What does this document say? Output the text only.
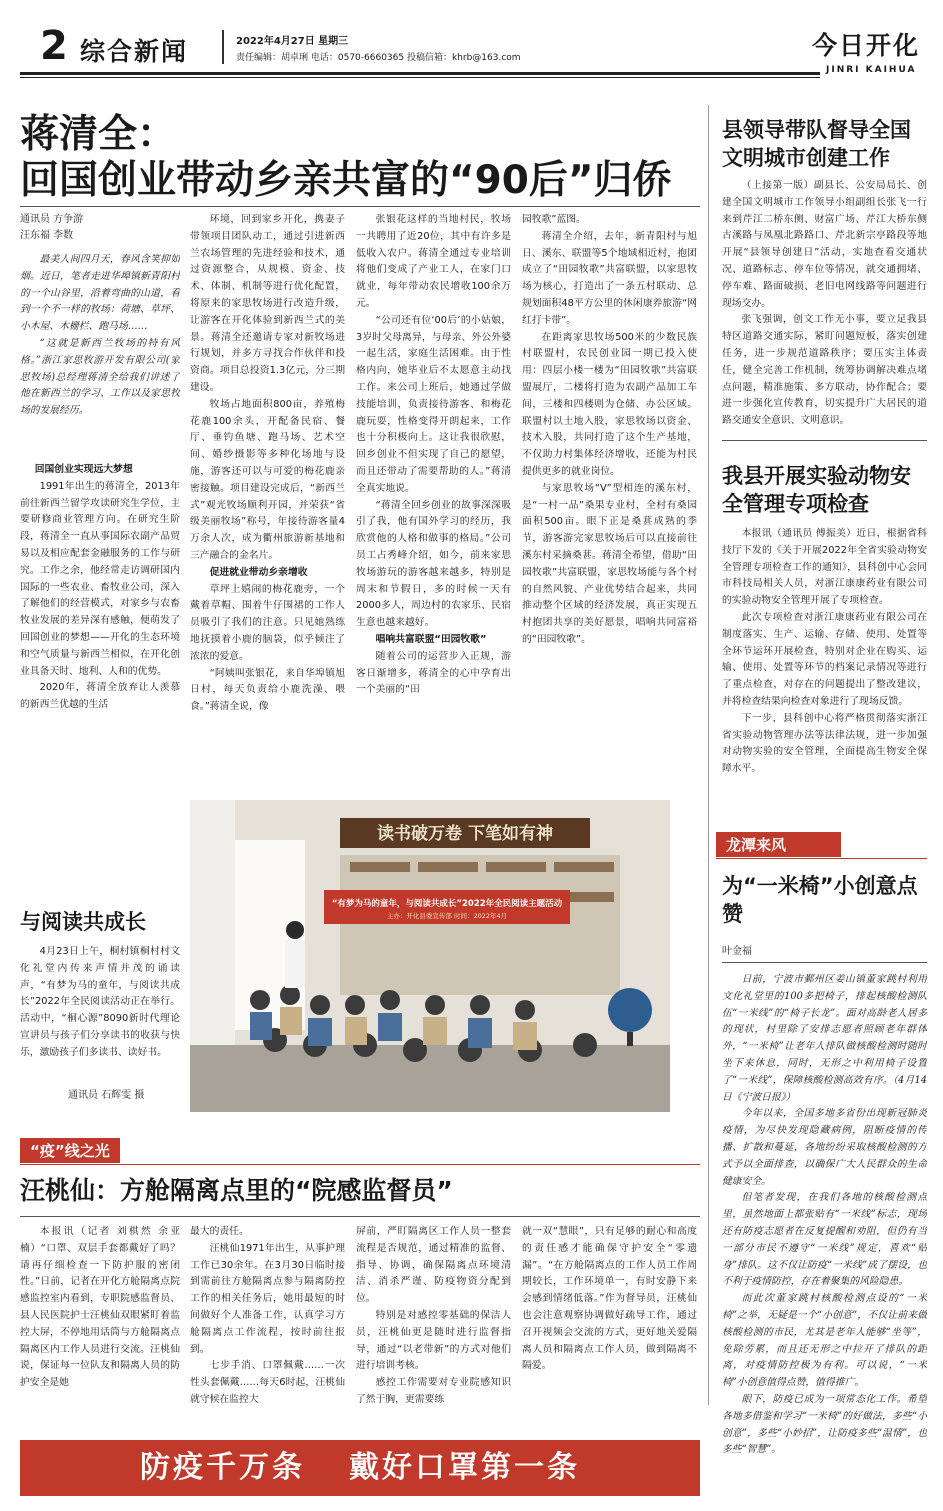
2 综合新闻	2022年4月27日 星期三
责任编辑：胡卓琍 电话：0570-6660365 投稿信箱：khrb@163.com	今日开化
JINRI KAIHUA
蒋清全：
回国创业带动乡亲共富的“90后”归侨
通讯员 方争游
汪东福 李数

最美人间四月天，春风含笑抑如烟。近日，笔者走进华埠镇新青阳村的一个山谷里，沿着弯曲的山道，看到一个不一样的牧场：荷塘、草坪、小木屋、木栅栏、跑马场……

“这就是新西兰牧场的特有风格。”浙江家思牧游开发有限公司(家思牧场)总经理蒋清全给我们讲述了他在新西兰的学习、工作以及家思牧场的发展经历。

回国创业实现远大梦想

1991年出生的蒋清全，2013年前往新西兰留学攻读研究生学位，主要研修商业管理方向。在研究生阶段，蒋清全一直从事国际农副产品贸易以及相应配套金融服务的工作与研究。工作之余，他经常走访调研国内国际的一些农业、畜牧业公司，深入了解他们的经营模式，对家乡与农畜牧业发展的差异深有感触，便萌发了回国创业的梦想——开化的生态环境和空气质量与新西兰相似，在开化创业具备天时、地利、人和的优势。

2020年，蒋清全放弃让人羡慕的新西兰优越的生活

环境，回到家乡开化，携妻子带领项目团队动工，通过引进新西兰农场管理的先进经验和技术，通过资源整合，从规模、资金、技术、体制、机制等进行优化配置，将原来的家思牧场进行改造升级，让游客在开化体验到新西兰式的美景。蒋清全还邀请专家对新牧场进行规划，并多方寻找合作伙伴和投资商。项目总投资1.3亿元，分三期建设。

牧场占地面积800亩，养殖梅花鹿100余头，开配备民宿、餐厅、垂钓鱼塘、跑马场、艺术空间、婚纱摄影等多种化场地与设施，游客还可以与可爱的梅花鹿亲密接触。项目建设完成后，“新西兰式”观光牧场顺利开园，并荣获“省级美丽牧场”称号，年接待游客量4万余人次，成为衢州旅游新基地和三产融合的金名片。

促进就业带动乡亲增收

草坪上嬉闹的梅花鹿旁，一个戴着草帽、围着牛仔围裙的工作人员吸引了我们的注意。只见她熟练地抚摸着小鹿的脑袋，似乎倾注了浓浓的爱意。

“阿姨叫张银花，来自华埠镇旭日村，每天负责给小鹿洗澡、喂食。”蒋清全说，像

张银花这样的当地村民，牧场一共聘用了近20位，其中有许多是低收入农户。蒋清全通过专业培训将他们变成了产业工人，在家门口就业，每年带动农民增收100余万元。

“公司还有位‘00后’的小姑娘，3岁时父母离异，与母亲、外公外婆一起生活，家庭生活困难。由于性格内向，她毕业后不太愿意主动找工作。来公司上班后，她通过学做技能培训，负责接待游客、和梅花鹿玩耍，性格变得开朗起来，工作也十分积极向上。这让我很欣慰，回乡创业不但实现了自己的愿望，而且还带动了需要帮助的人。”蒋清全真实地说。

“蒋清全回乡创业的故事深深吸引了我，他有国外学习的经历，我欣赏他的人格和做事的格局。”公司员工占秀峰介绍，如今，前来家思牧场游玩的游客越来越多，特别是周末和节假日，多的时候一天有2000多人，周边村的农家乐、民宿生意也越来越好。

唱响共富联盟“田园牧歌”

随着公司的运营步入正规，游客日渐增多，蒋清全的心中孕育出一个美丽的“田

园牧歌”蓝图。

蒋清全介绍，去年，新青阳村与旭日、溪东、联盟等5个地域相近村，抱团成立了“田园牧歌”共富联盟，以家思牧场为核心，打造出了一条五村联动、总规划面积48平方公里的休闲康养旅游“网红打卡带”。

在距离家思牧场500米的少数民族村联盟村，农民创业园一期已投入使用：四层小楼一楼为“田园牧歌”共富联盟展厅，二楼将打造为农副产品加工车间，三楼和四楼则为仓储、办公区域。联盟村以土地入股，家思牧场以资金、技术入股，共同打造了这个生产基地，不仅助力村集体经济增收，还能为村民提供更多的就业岗位。

与家思牧场“V”型相连的溪东村，是“一村一品”桑果专业村，全村有桑园面积500亩。眼下正是桑葚成熟的季节，游客游完家思牧场后可以直接前往溪东村采摘桑葚。蒋清全希望，借助“田园牧歌”共富联盟，家思牧场能与各个村的自然风貌、产业优势结合起来，共同推动整个区域的经济发展，真正实现五村抱团共享的美好愿景，唱响共同富裕的“田园牧歌”。

县领导带队督导全国文明城市创建工作

（上接第一版）副县长、公安局局长、创建全国文明城市工作领导小组副组长张飞一行来到芹江二桥东侧、财富广场、芹江大桥东侧古溪路与凤凰北路路口、芹北新宗亭路段等地开展“县领导创建日”活动，实地查看交通状况、道路标志、停车位等情况，就交通拥堵、停车难、路面破损、老旧电网线路等问题进行现场交办。

张飞强调，创文工作无小事，要立足我县特区道路交通实际，紧盯问题短板，落实创建任务，进一步规范道路秩序；要压实主体责任，健全完善工作机制，统筹协调解决难点堵点问题，精准施策、多方联动，协作配合；要进一步强化宣传教育，切实提升广大居民的道路交通安全意识、文明意识。

我县开展实验动物安全管理专项检查

本报讯（通讯员 傅振美）近日，根据省科技厅下发的《关于开展2022年全省实验动物安全管理专项检查工作的通知》，县科创中心会同市科技局相关人员，对浙江康康药业有限公司的实验动物安全管理开展了专项检查。

此次专项检查对浙江康康药业有限公司在制度落实、生产、运输、存储、使用、处置等全环节运环开展检查，特别对企业在购买、运输、使用、处置等环节的档案记录情况等进行了重点检查，对存在的问题提出了整改建议，并将检查结果向检查对象进行了现场反馈。

下一步，县科创中心将严格贯彻落实浙江省实验动物管理办法等法律法规，进一步加强对动物实验的安全管理，全面提高生物安全保障水平。

龙潭来风
为“一米椅”小创意点赞
叶金福

日前，宁波市鄞州区姜山镇董家跳村利用文化礼堂里的100多把椅子，排起核酸检测队伍“一米线”的“椅子长龙”。面对高龄老人居多的现状，村里除了安排志愿者照顾老年群体外，“一米椅”让老年人排队做核酸检测时随时坐下来休息，同时，无形之中利用椅子设置了“一米线”，保障核酸检测高效有序。（4月14日《宁波日报》）

今年以来，全国多地多省份出现新冠肺炎疫情，为尽快发现隐藏病例，阻断疫情的传播、扩散和蔓延，各地纷纷采取核酸检测的方式予以全面排查，以确保广大人民群众的生命健康安全。

但笔者发现，在我们各地的核酸检测点里，虽然地面上都张贴有“一米线”标志，现场还有防疫志愿者在反复提醒和劝阻，但仍有当一部分市民不遵守“一米线”规定，喜欢“贴身”排队。这不仅让防疫“一米线”成了摆设，也不利于疫情防控，存在着聚集的风险隐患。

而此次董家跳村核酸检测点设的“一米椅”之举，无疑是一个“小创意”，不仅让前来做核酸检测的市民，尤其是老年人能够“坐等”，免除劳累，而且还无形之中拉开了排队的距离，对疫情防控极为有利。可以说，“一米椅”小创意值得点赞，值得推广。

眼下，防疫已成为一项常态化工作。希望各地多借鉴和学习“一米椅”的好做法，多些“小创意”，多些“小妙招”，让防疫多些“温情”，也多些“智慧”。

与阅读共成长

4月23日上午，桐村镇桐村村文化礼堂内传来声情并茂的诵读声，“有梦为马的童年，与阅读共成长”2022年全民阅读活动正在举行。活动中，“桐心源”8090新时代理论宣讲员与孩子们分享读书的收获与快乐，激励孩子们多读书、读好书。

通讯员 石辉雯 摄
读书破万卷 下笔如有神
“有梦为马的童年，与阅读共成长”2022年全民阅读主题活动
主办：开化县委宣传部 时间：2022年4月
“疫”线之光
汪桃仙：方舱隔离点里的“院感监督员”

本报讯（记者 刘棋然 余亚楠）“口罩、双层手套都戴好了吗？请再仔细检查一下防护服的密闭性。”日前，记者在开化方舱隔离点院感监控室内看到，专职院感监督员、县人民医院护士汪桃仙双眼紧盯着监控大屏，不停地用话筒与方舱隔离点隔离区内工作人员进行交流。汪桃仙说，保证每一位队友和隔离人员的防护安全是她

最大的责任。

汪桃仙1971年出生，从事护理工作已30余年。在3月30日临时接到需前往方舱隔离点参与隔离防控工作的相关任务后，她用最短的时间做好个人准备工作，认真学习方舱隔离点工作流程，按时前往报到。

七步手消、口罩佩戴……一次性头套佩戴……每天6时起，汪桃仙就守候在监控大

屏前，严盯隔离区工作人员一整套流程是否规范，通过精准的监督、指导、协调，确保隔离点环境清洁、消杀严谨、防疫物资分配到位。

特别是对感控零基础的保洁人员，汪桃仙更是随时进行监督指导，通过“以老带新”的方式对他们进行培训考核。

感控工作需要对专业院感知识了然于胸，更需要练

就一双“慧眼”，只有足够的耐心和高度的责任感才能确保守护安全“零遗漏”。“在方舱隔离点的工作人员工作周期较长，工作环境单一，有时安静下来会感到情绪低落。”作为督导员，汪桃仙也会注意观察协调做好疏导工作，通过召开视频会交流的方式，更好地关爱隔离人员和隔离点工作人员，做到隔离不隔爱。

防疫千万条 戴好口罩第一条
